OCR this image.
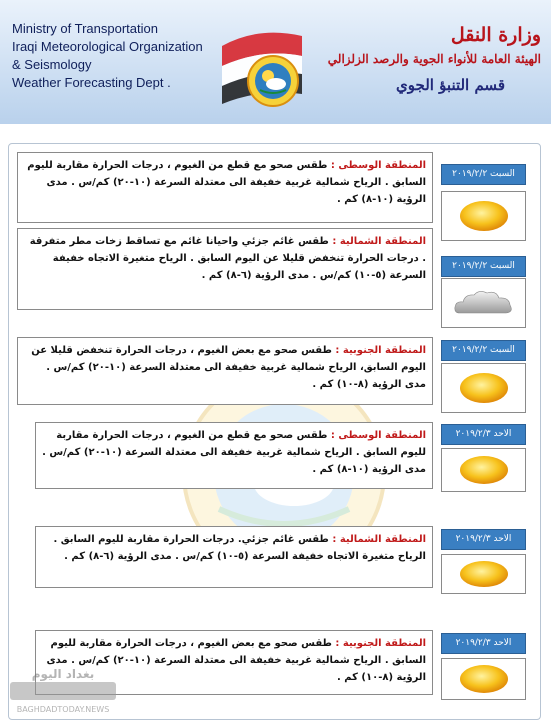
Ministry of Transportation
Iraqi Meteorological Organization
& Seismology
Weather Forecasting Dept .
وزارة النقل
الهيئة العامة للأنواء الجوية والرصد الزلزالي
قسم التنبؤ الجوي
المنطقة الوسطى : طقس صحو مع قطع من الغيوم ، درجات الحرارة مقاربة لليوم السابق . الرياح شمالية غربية خفيفة الى معتدلة السرعة (١٠-٢٠) كم/س . مدى الرؤية (١٠-٨) كم .
السبت ٢٠١٩/٢/٢
المنطقة الشمالية : طقس غائم جزئي واحيانا غائم مع تساقط زخات مطر متفرقة . درجات الحرارة تنخفض قليلا عن اليوم السابق . الرياح متغيرة الاتجاه خفيفة السرعة (٥-١٠) كم/س . مدى الرؤية (٦-٨) كم .
السبت ٢٠١٩/٢/٢
المنطقة الجنوبية : طقس صحو مع بعض الغيوم ، درجات الحرارة تنخفض قليلا عن اليوم السابق، الرياح شمالية غربية خفيفة الى معتدلة السرعة (١٠-٢٠) كم/س . مدى الرؤية (٨-١٠) كم .
السبت ٢٠١٩/٢/٢
المنطقة الوسطى : طقس صحو مع قطع من الغيوم ، درجات الحرارة مقاربة لليوم السابق . الرياح شمالية غربية خفيفة الى معتدلة السرعة (١٠-٢٠) كم/س . مدى الرؤية (١٠-٨) كم .
الاحد ٢٠١٩/٢/٣
المنطقة الشمالية : طقس غائم جزئي. درجات الحرارة مقاربة لليوم السابق . الرياح متغيرة الاتجاه خفيفة السرعة (٥-١٠) كم/س . مدى الرؤية (٦-٨) كم .
الاحد ٢٠١٩/٢/٣
المنطقة الجنوبية : طقس صحو مع بعض الغيوم ، درجات الحرارة مقاربة لليوم السابق . الرياح شمالية غربية خفيفة الى معتدلة السرعة (١٠-٢٠) كم/س . مدى الرؤية (٨-١٠) كم .
الاحد ٢٠١٩/٢/٣
بغداد اليوم
BAGHDADTODAY.NEWS
